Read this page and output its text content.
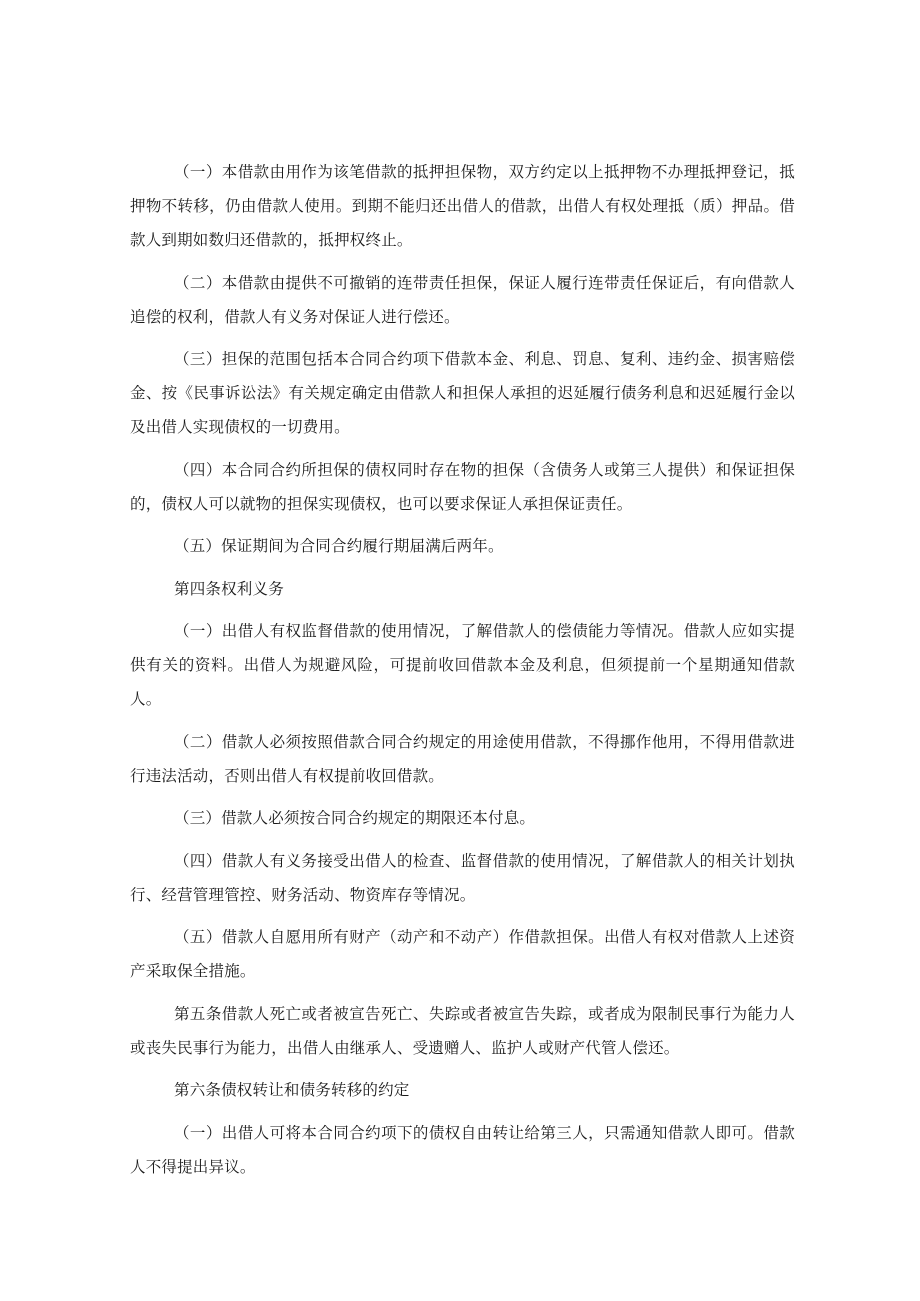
（一）本借款由用作为该笔借款的抵押担保物，双方约定以上抵押物不办理抵押登记，抵押物不转移，仍由借款人使用。到期不能归还出借人的借款，出借人有权处理抵（质）押品。借款人到期如数归还借款的，抵押权终止。

（二）本借款由提供不可撤销的连带责任担保，保证人履行连带责任保证后，有向借款人追偿的权利，借款人有义务对保证人进行偿还。

（三）担保的范围包括本合同合约项下借款本金、利息、罚息、复利、违约金、损害赔偿金、按《民事诉讼法》有关规定确定由借款人和担保人承担的迟延履行债务利息和迟延履行金以及出借人实现债权的一切费用。

（四）本合同合约所担保的债权同时存在物的担保（含债务人或第三人提供）和保证担保的，债权人可以就物的担保实现债权，也可以要求保证人承担保证责任。

（五）保证期间为合同合约履行期届满后两年。

第四条权利义务

（一）出借人有权监督借款的使用情况，了解借款人的偿债能力等情况。借款人应如实提供有关的资料。出借人为规避风险，可提前收回借款本金及利息，但须提前一个星期通知借款人。

（二）借款人必须按照借款合同合约规定的用途使用借款，不得挪作他用，不得用借款进行违法活动，否则出借人有权提前收回借款。

（三）借款人必须按合同合约规定的期限还本付息。

（四）借款人有义务接受出借人的检查、监督借款的使用情况，了解借款人的相关计划执行、经营管理管控、财务活动、物资库存等情况。

（五）借款人自愿用所有财产（动产和不动产）作借款担保。出借人有权对借款人上述资产采取保全措施。

第五条借款人死亡或者被宣告死亡、失踪或者被宣告失踪，或者成为限制民事行为能力人或丧失民事行为能力，出借人由继承人、受遗赠人、监护人或财产代管人偿还。

第六条债权转让和债务转移的约定

（一）出借人可将本合同合约项下的债权自由转让给第三人，只需通知借款人即可。借款人不得提出异议。
